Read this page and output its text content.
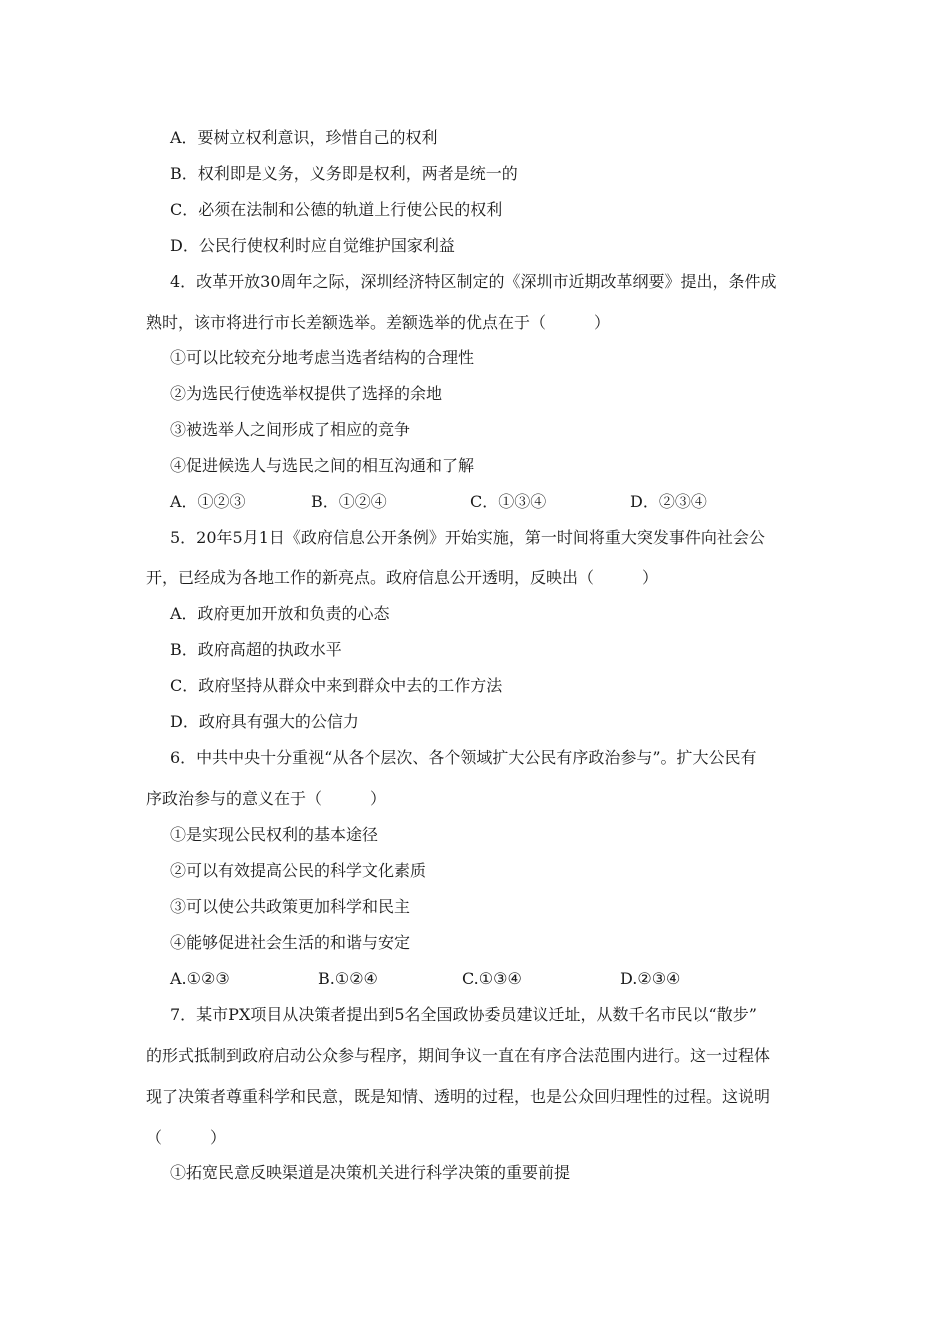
A．要树立权利意识，珍惜自己的权利
B．权利即是义务，义务即是权利，两者是统一的
C．必须在法制和公德的轨道上行使公民的权利
D．公民行使权利时应自觉维护国家利益
4．改革开放30周年之际，深圳经济特区制定的《深圳市近期改革纲要》提出，条件成
熟时，该市将进行市长差额选举。差额选举的优点在于（　　　）
①可以比较充分地考虑当选者结构的合理性
②为选民行使选举权提供了选择的余地
③被选举人之间形成了相应的竞争
④促进候选人与选民之间的相互沟通和了解
A．①②③	B．①②④	C．①③④	D．②③④
5．20年5月1日《政府信息公开条例》开始实施，第一时间将重大突发事件向社会公
开，已经成为各地工作的新亮点。政府信息公开透明，反映出（　　　）
A．政府更加开放和负责的心态
B．政府高超的执政水平
C．政府坚持从群众中来到群众中去的工作方法
D．政府具有强大的公信力
6．中共中央十分重视“从各个层次、各个领域扩大公民有序政治参与”。扩大公民有
序政治参与的意义在于（　　　）
①是实现公民权利的基本途径
②可以有效提高公民的科学文化素质
③可以使公共政策更加科学和民主
④能够促进社会生活的和谐与安定
A.①②③	B.①②④	C.①③④	D.②③④
7．某市PX项目从决策者提出到5名全国政协委员建议迁址，从数千名市民以“散步”
的形式抵制到政府启动公众参与程序，期间争议一直在有序合法范围内进行。这一过程体
现了决策者尊重科学和民意，既是知情、透明的过程，也是公众回归理性的过程。这说明
（　　　）
①拓宽民意反映渠道是决策机关进行科学决策的重要前提
